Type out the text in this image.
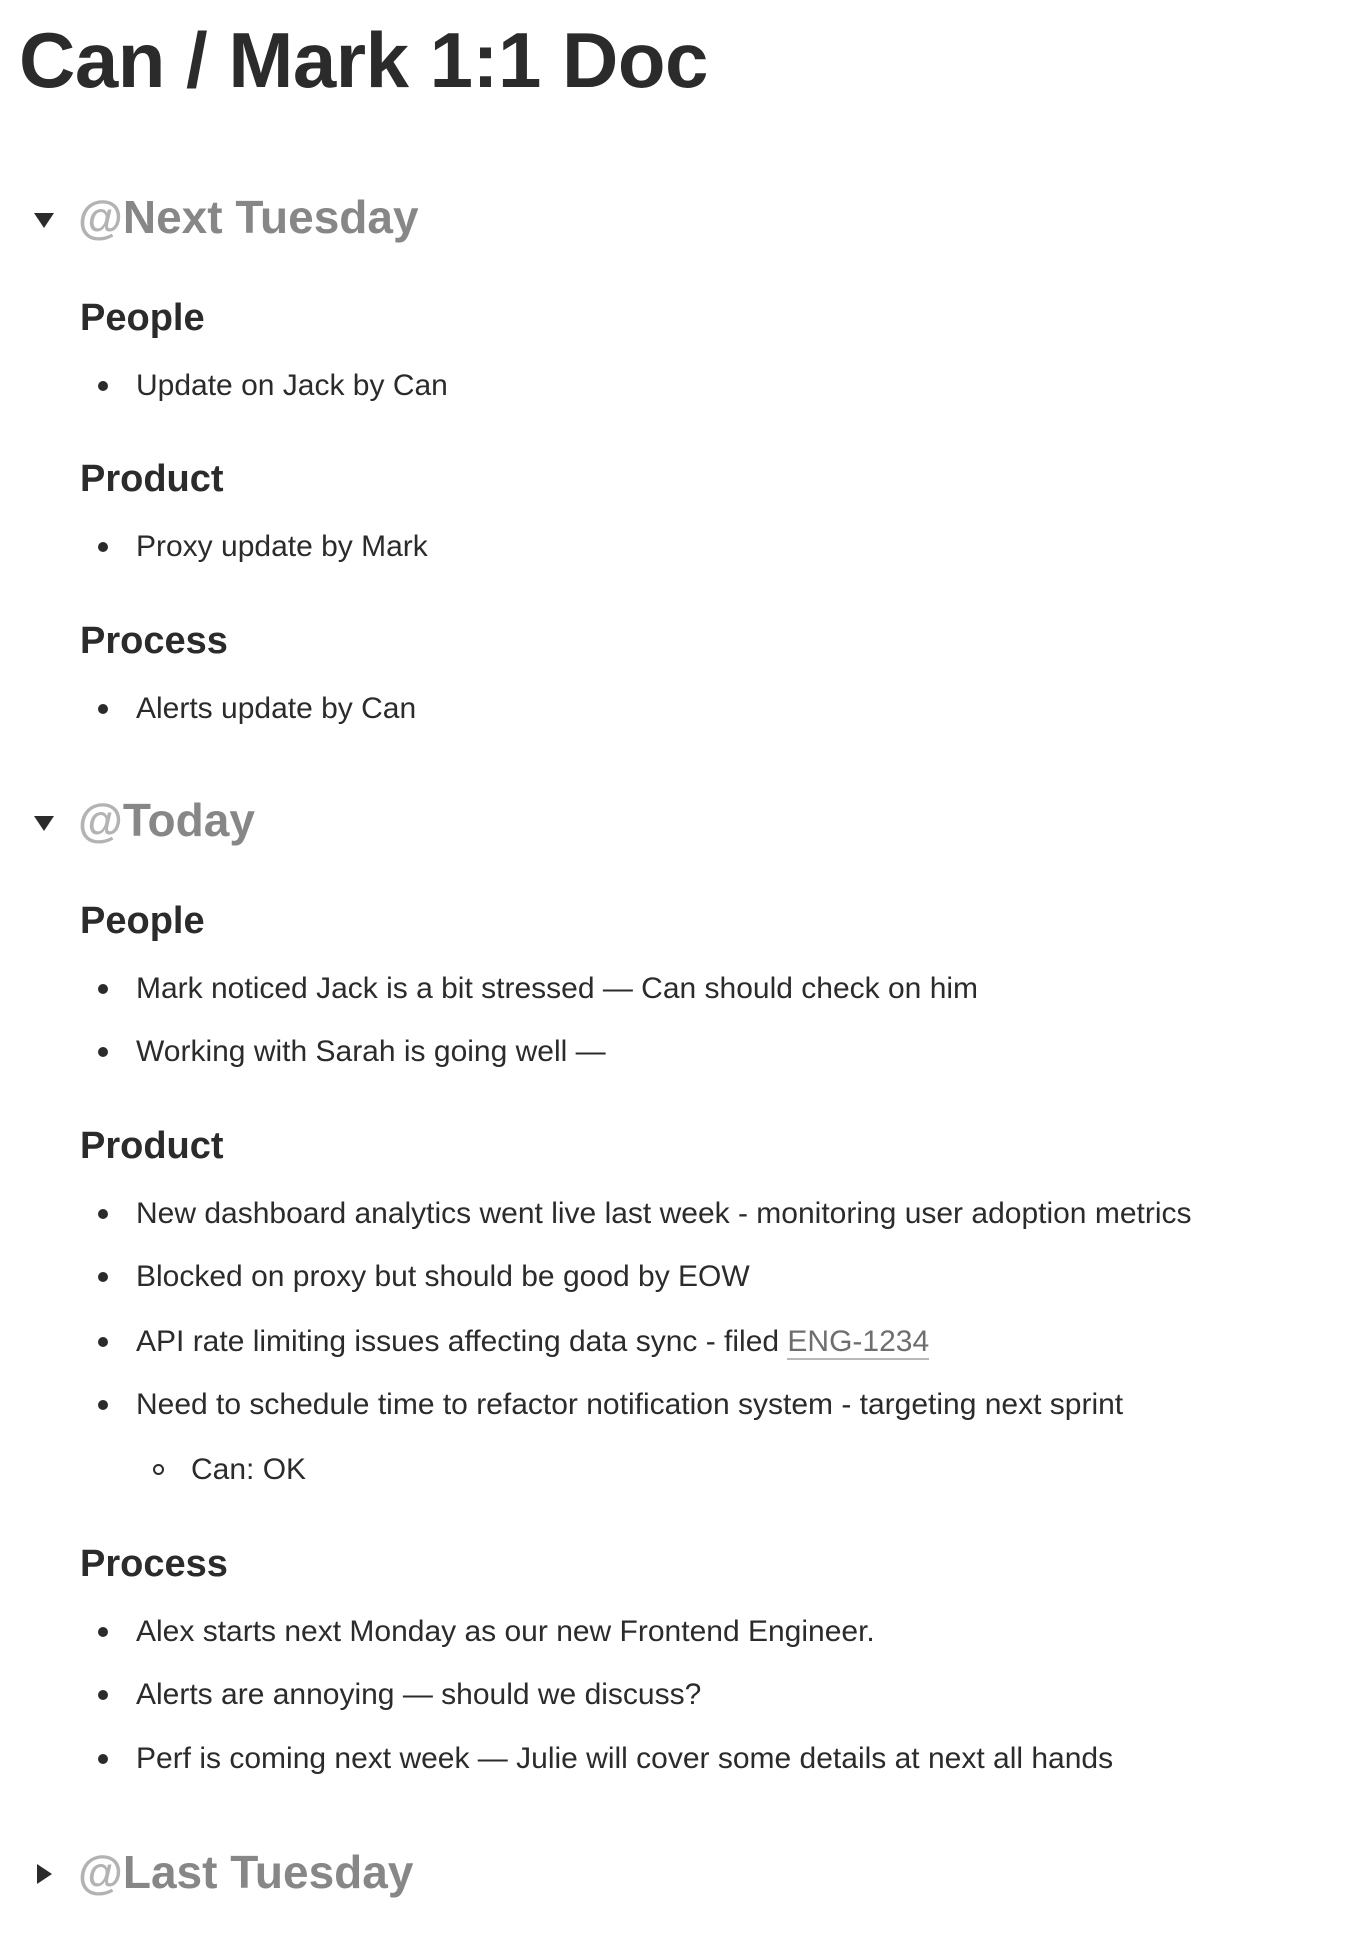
Can / Mark 1:1 Doc
@Next Tuesday
People
Update on Jack by Can
Product
Proxy update by Mark
Process
Alerts update by Can
@Today
People
Mark noticed Jack is a bit stressed — Can should check on him
Working with Sarah is going well —
Product
New dashboard analytics went live last week - monitoring user adoption metrics
Blocked on proxy but should be good by EOW
API rate limiting issues affecting data sync - filed ENG-1234
Need to schedule time to refactor notification system - targeting next sprint
Can: OK
Process
Alex starts next Monday as our new Frontend Engineer.
Alerts are annoying — should we discuss?
Perf is coming next week — Julie will cover some details at next all hands
@Last Tuesday
